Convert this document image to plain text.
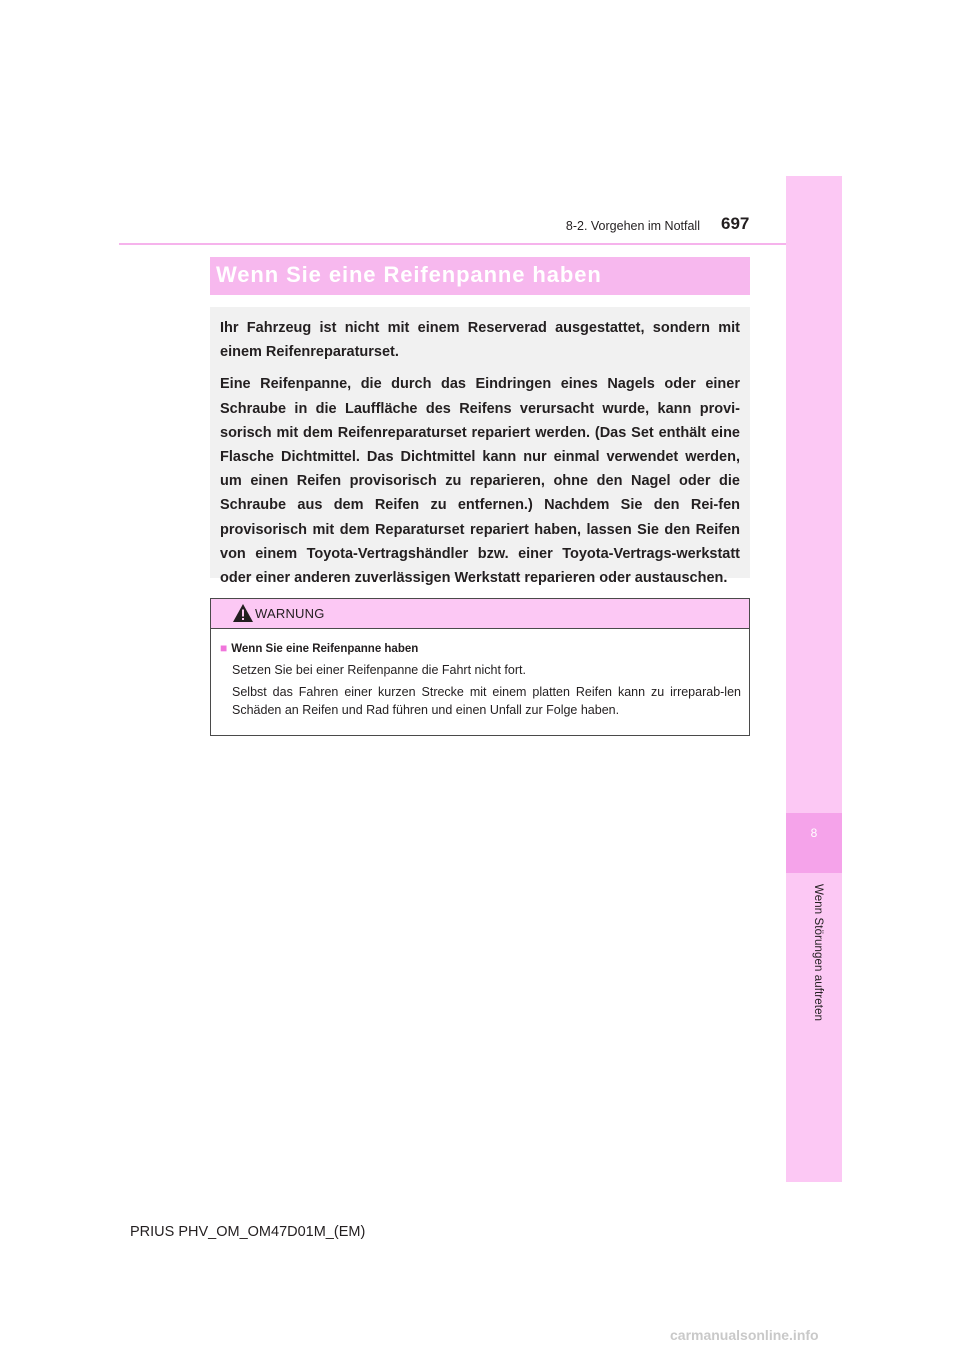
8
Wenn Störungen auftreten
697
8-2. Vorgehen im Notfall
Wenn Sie eine Reifenpanne haben

Ihr Fahrzeug ist nicht mit einem Reserverad ausgestattet, sondern mit einem Reifenreparaturset.

Eine Reifenpanne, die durch das Eindringen eines Nagels oder einer Schraube in die Lauffläche des Reifens verursacht wurde, kann provi-sorisch mit dem Reifenreparaturset repariert werden. (Das Set enthält eine Flasche Dichtmittel. Das Dichtmittel kann nur einmal verwendet werden, um einen Reifen provisorisch zu reparieren, ohne den Nagel oder die Schraube aus dem Reifen zu entfernen.) Nachdem Sie den Rei-fen provisorisch mit dem Reparaturset repariert haben, lassen Sie den Reifen von einem Toyota-Vertragshändler bzw. einer Toyota-Vertrags-werkstatt oder einer anderen zuverlässigen Werkstatt reparieren oder austauschen.

WARNUNG
■ Wenn Sie eine Reifenpanne haben

Setzen Sie bei einer Reifenpanne die Fahrt nicht fort.

Selbst das Fahren einer kurzen Strecke mit einem platten Reifen kann zu irreparab-len Schäden an Reifen und Rad führen und einen Unfall zur Folge haben.

PRIUS PHV_OM_OM47D01M_(EM)
carmanualsonline.info
